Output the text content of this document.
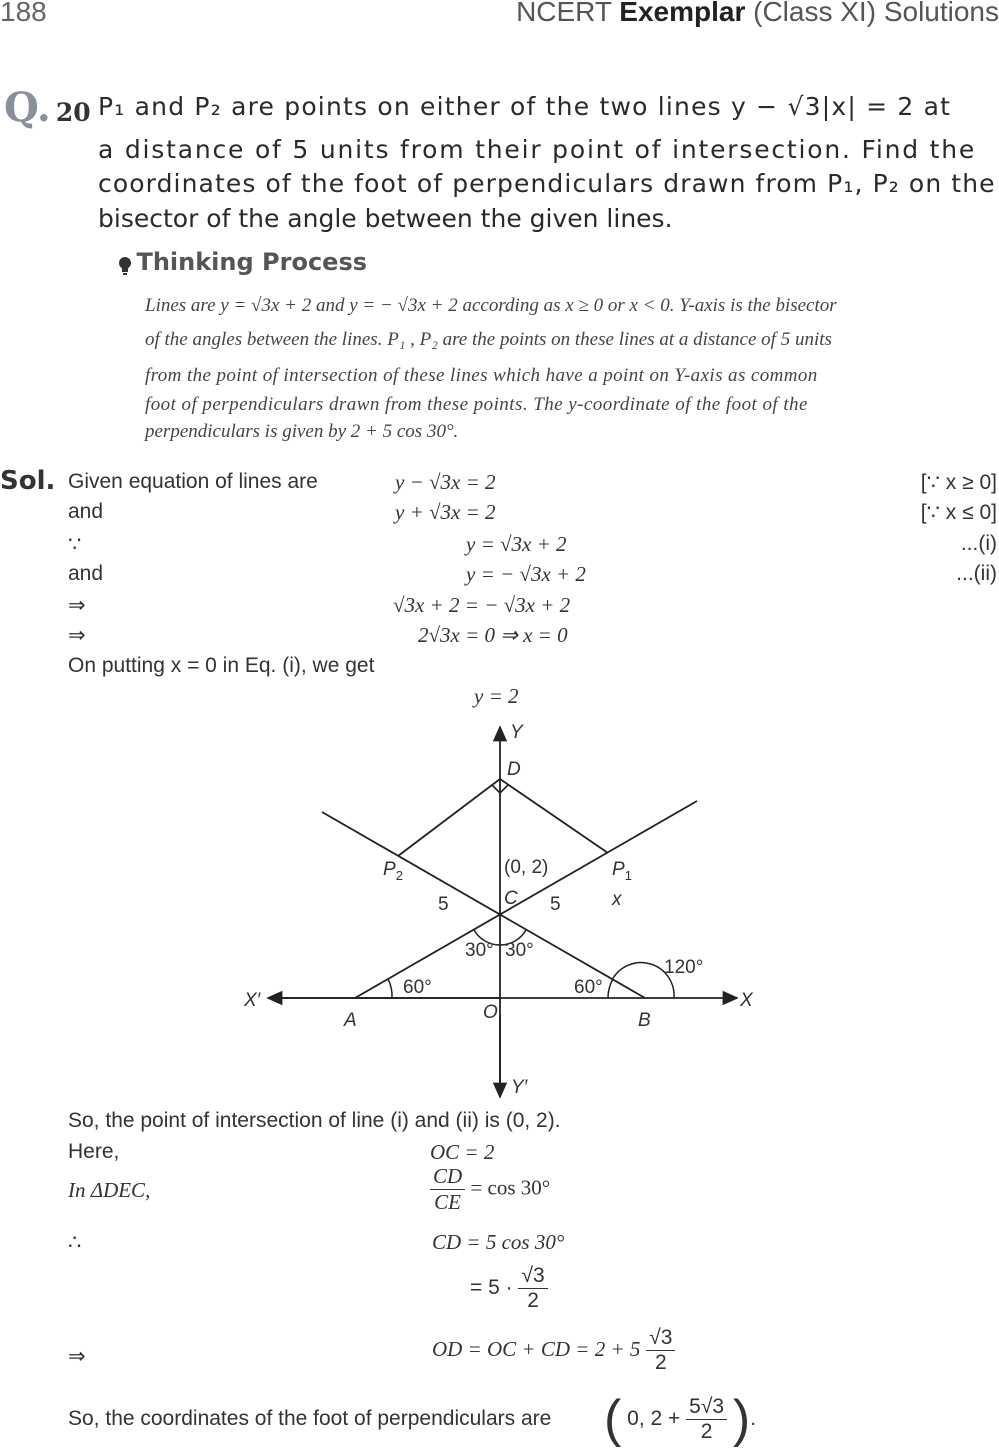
188	NCERT Exemplar (Class XI) Solutions
Q. 20 P₁ and P₂ are points on either of the two lines y − √3|x| = 2 at
a distance of 5 units from their point of intersection. Find the
coordinates of the foot of perpendiculars drawn from P₁, P₂ on the
bisector of the angle between the given lines.
Thinking Process
Lines are y = √3x + 2 and y = − √3x + 2 according as x ≥ 0 or x < 0. Y-axis is the bisector
of the angles between the lines. P₁ , P₂ are the points on these lines at a distance of 5 units
from the point of intersection of these lines which have a point on Y-axis as common
foot of perpendiculars drawn from these points. The y-coordinate of the foot of the
perpendiculars is given by 2 + 5 cos 30°.
Sol. Given equation of lines are	y − √3x = 2	[∵ x ≥ 0]
and	y + √3x = 2	[∵ x ≤ 0]
∵	y = √3x + 2	...(i)
and	y = − √3x + 2	...(ii)
⇒	√3x + 2 = − √3x + 2
⇒	2√3x = 0 ⇒ x = 0
On putting x = 0 in Eq. (i), we get
y = 2
Y
Y′
X
X′
D
(0, 2)
C
$P_2$	$P_1$
x
5	5
30° 30°
60°	60°
120°
A	O	B
So, the point of intersection of line (i) and (ii) is (0, 2).
Here,	OC = 2
In ΔDEC,	$\frac{CD}{CE} = \cos 30^\circ$
∴	CD = 5 cos 30°
= $5 \cdot \frac{√3}{2}$
⇒	OD = OC + CD = $2 + 5 \frac{√3}{2}$
So, the coordinates of the foot of perpendiculars are ( 0, $2 + \frac{5√3}{2}$ ).
